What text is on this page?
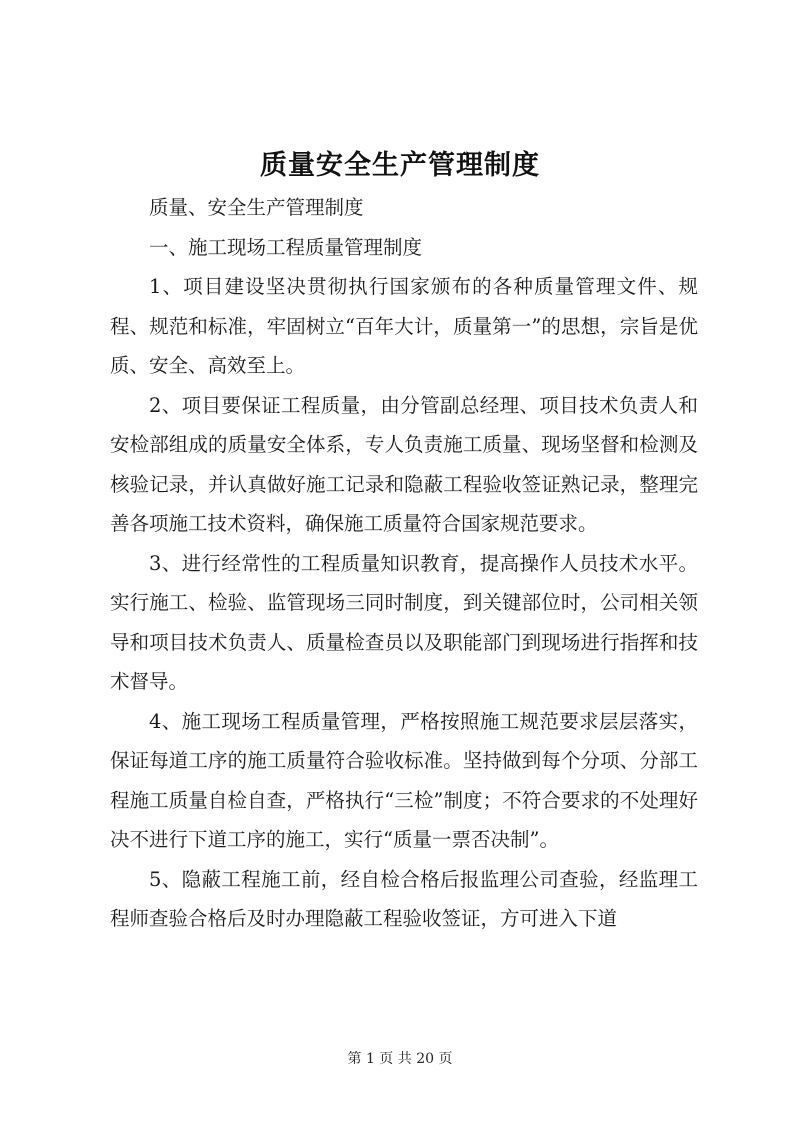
质量安全生产管理制度

质量、安全生产管理制度

一、施工现场工程质量管理制度

1、项目建设坚决贯彻执行国家颁布的各种质量管理文件、规程、规范和标准，牢固树立“百年大计，质量第一”的思想，宗旨是优质、安全、高效至上。

2、项目要保证工程质量，由分管副总经理、项目技术负责人和安检部组成的质量安全体系，专人负责施工质量、现场坚督和检测及核验记录，并认真做好施工记录和隐蔽工程验收签证熟记录，整理完善各项施工技术资料，确保施工质量符合国家规范要求。

3、进行经常性的工程质量知识教育，提高操作人员技术水平。实行施工、检验、监管现场三同时制度，到关键部位时，公司相关领导和项目技术负责人、质量检查员以及职能部门到现场进行指挥和技术督导。

4、施工现场工程质量管理，严格按照施工规范要求层层落实，保证每道工序的施工质量符合验收标准。坚持做到每个分项、分部工程施工质量自检自查，严格执行“三检”制度；不符合要求的不处理好决不进行下道工序的施工，实行“质量一票否决制”。

5、隐蔽工程施工前，经自检合格后报监理公司查验，经监理工程师查验合格后及时办理隐蔽工程验收签证，方可进入下道

第 1 页 共 20 页
